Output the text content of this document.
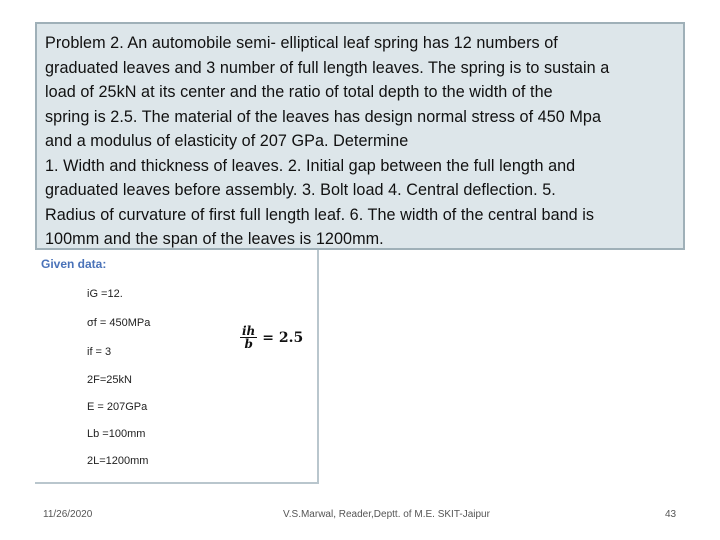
Problem 2. An automobile semi- elliptical leaf spring has 12 numbers of

graduated leaves and 3 number of full length leaves. The spring is to sustain a

load of 25kN at its center and the ratio of total depth to the width of the

spring is 2.5. The material of the leaves has design normal stress of 450 Mpa

and a modulus of elasticity of 207 GPa. Determine

1. Width and thickness of leaves. 2. Initial gap between the full length and

graduated leaves before assembly. 3. Bolt load 4. Central deflection. 5.

Radius of curvature of first full length leaf. 6. The width of the central band is

100mm and the span of the leaves is 1200mm.

Given data:
iG =12.
σf = 450MPa
if = 3
2F=25kN
E = 207GPa
Lb =100mm
2L=1200mm
$\frac{ih}{b} = 2.5$
11/26/2020	V.S.Marwal, Reader,Deptt. of M.E. SKIT-Jaipur	43
